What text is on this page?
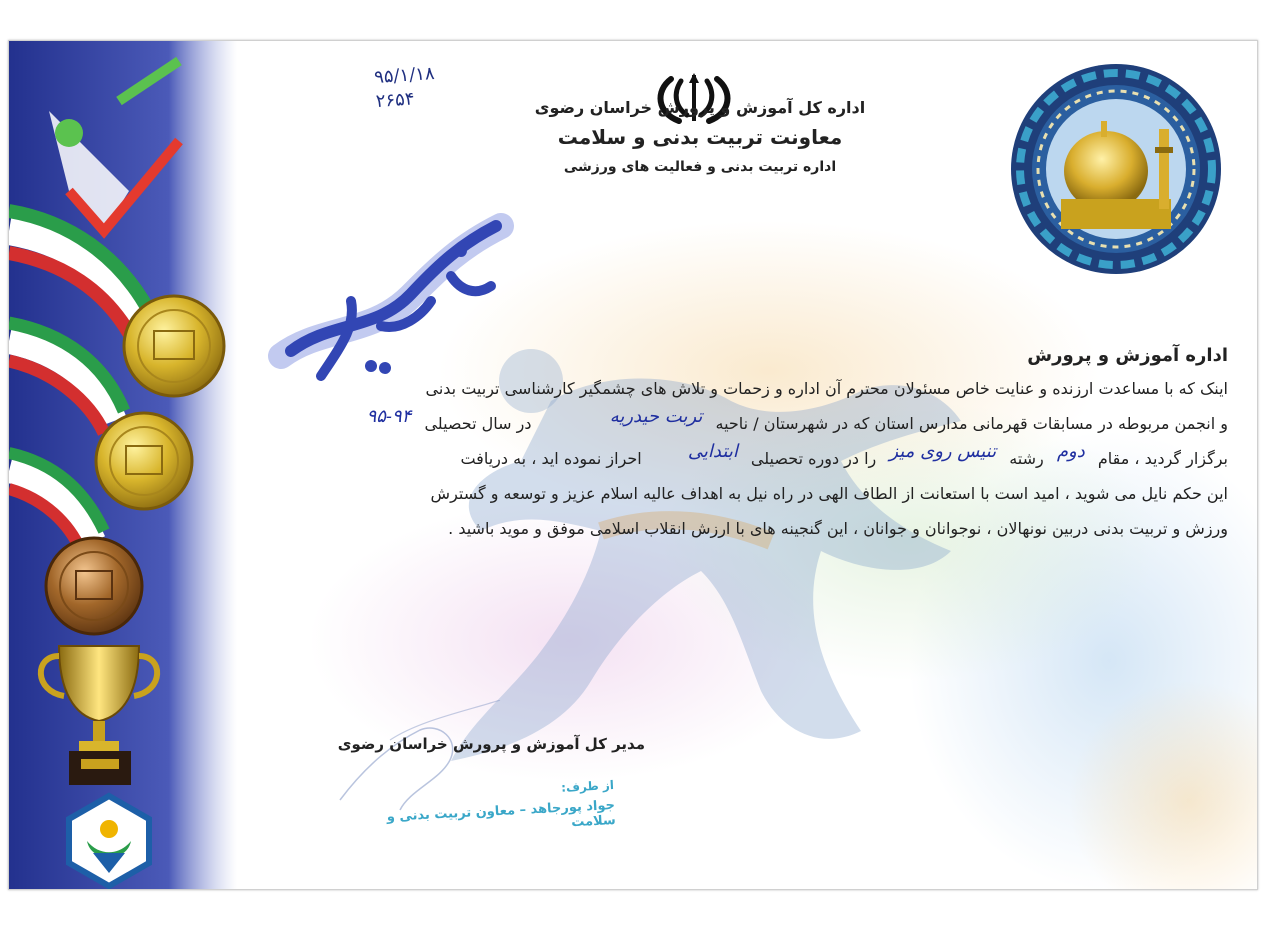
۹۵/۱/۱۸
۲۶۵۴	اداره کل آموزش و پرورش خراسان رضوی
معاونت تربیت بدنی و سلامت
اداره تربیت بدنی و فعالیت های ورزشی
اداره آموزش و پرورش
اینک که با مساعدت ارزنده و عنایت خاص مسئولان محترم آن اداره و زحمات و تلاش های چشمگیر کارشناسی تربیت بدنی
و انجمن مربوطه در مسابقات قهرمانی مدارس استان که در شهرستان / ناحیه تربت حیدریه  در سال تحصیلی ۹۵-۹۴
برگزار گردید ، مقام دوم رشته تنیس روی میز را در دوره تحصیلی ابتدایی  احراز نموده اید ، به دریافت
این حکم نایل می شوید ، امید است با استعانت از الطاف الهی در راه نیل به اهداف عالیه اسلام عزیز و توسعه و گسترش
ورزش و تربیت بدنی دربین نونهالان ، نوجوانان و جوانان ، این گنجینه های با ارزش انقلاب اسلامی موفق و موید باشید .
مدیر کل آموزش و پرورش خراسان رضوی
از طرف:
جواد پورجاهد – معاون تربیت بدنی و سلامت
